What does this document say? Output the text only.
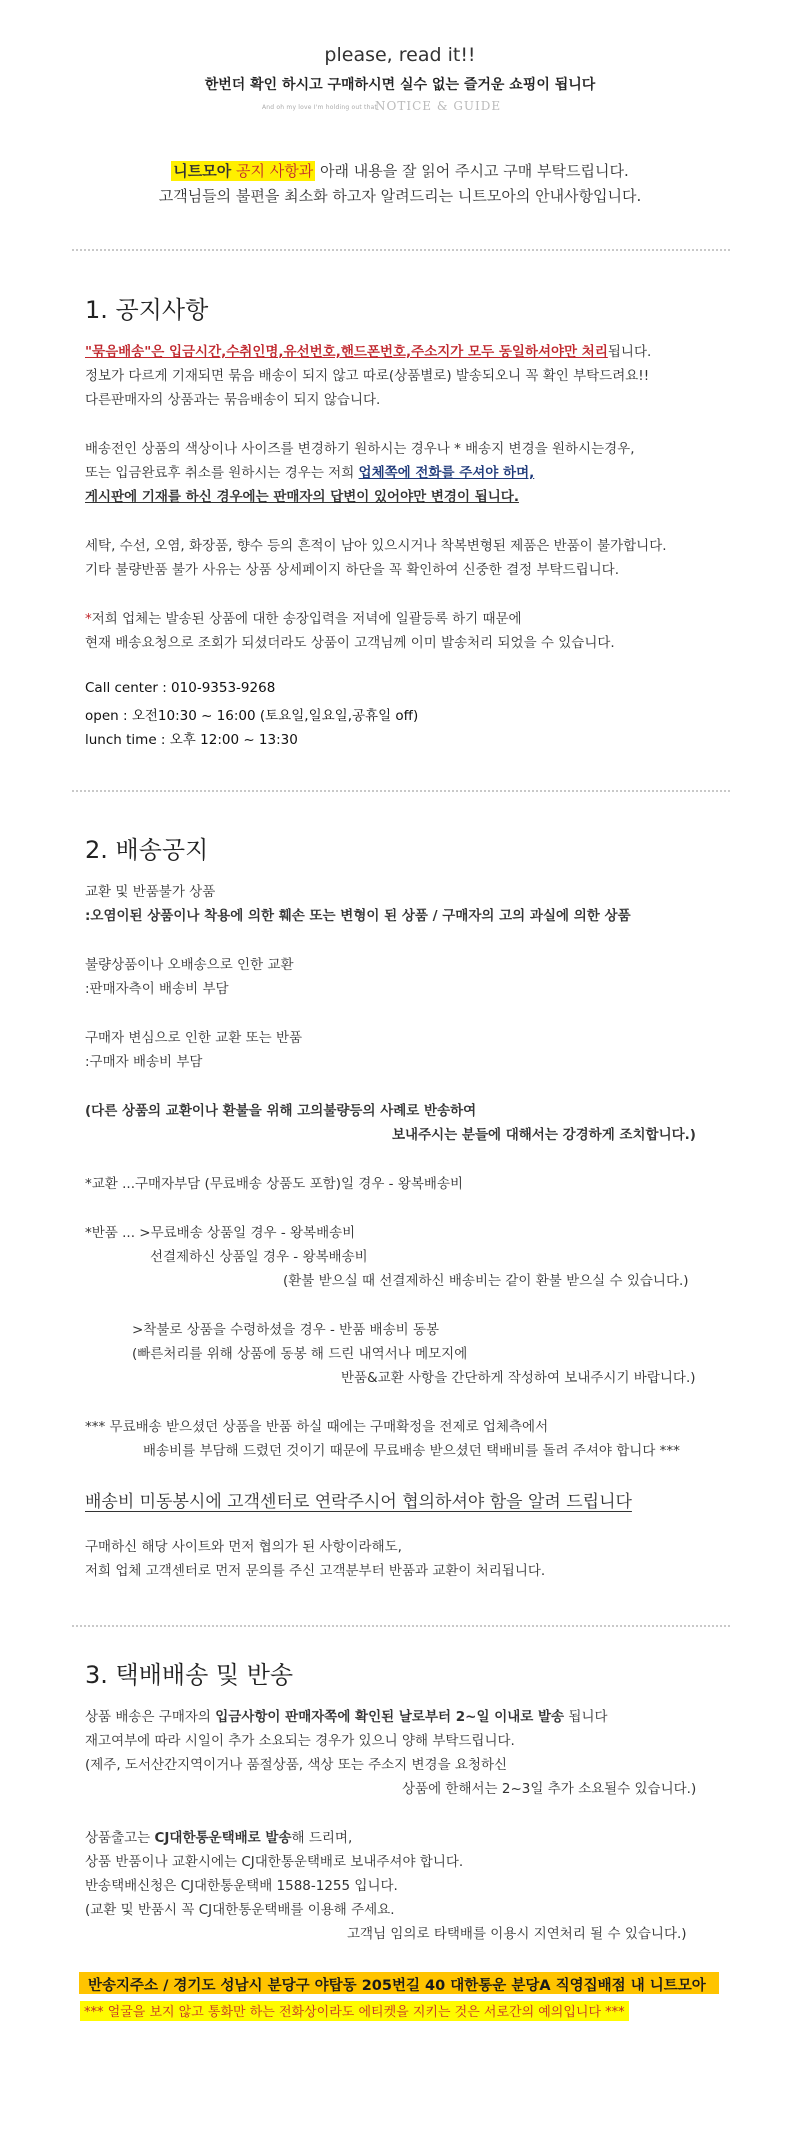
please, read it!!
한번더 확인 하시고 구매하시면 실수 없는 즐거운 쇼핑이 됩니다
And oh my love I'm holding out that
NOTICE & GUIDE
니트모아 공지 사항과 아래 내용을 잘 읽어 주시고 구매 부탁드립니다.
고객님들의 불편을 최소화 하고자 알려드리는 니트모아의 안내사항입니다.
1. 공지사항
"묶음배송"은 입금시간,수취인명,유선번호,핸드폰번호,주소지가 모두 동일하셔야만 처리됩니다.
정보가 다르게 기재되면 묶음 배송이 되지 않고 따로(상품별로) 발송되오니 꼭 확인 부탁드려요!!
다른판매자의 상품과는 묶음배송이 되지 않습니다.
배송전인 상품의 색상이나 사이즈를 변경하기 원하시는 경우나 * 배송지 변경을 원하시는경우,
또는 입금완료후 취소를 원하시는 경우는 저희 업체쪽에 전화를 주셔야 하며,
게시판에 기재를 하신 경우에는 판매자의 답변이 있어야만 변경이 됩니다.
세탁, 수선, 오염, 화장품, 향수 등의 흔적이 남아 있으시거나 착복변형된 제품은 반품이 불가합니다.
기타 불량반품 불가 사유는 상품 상세페이지 하단을 꼭 확인하여 신중한 결정 부탁드립니다.
*저희 업체는 발송된 상품에 대한 송장입력을 저녁에 일괄등록 하기 때문에
현재 배송요청으로 조회가 되셨더라도 상품이 고객님께 이미 발송처리 되었을 수 있습니다.
Call center : 010-9353-9268
open : 오전10:30 ~ 16:00 (토요일,일요일,공휴일 off)
lunch time : 오후 12:00 ~ 13:30
2. 배송공지
교환 및 반품불가 상품
:오염이된 상품이나 착용에 의한 훼손 또는 변형이 된 상품 / 구매자의 고의 과실에 의한 상품
불량상품이나 오배송으로 인한 교환
:판매자측이 배송비 부담
구매자 변심으로 인한 교환 또는 반품
:구매자 배송비 부담
(다른 상품의 교환이나 환불을 위해 고의불량등의 사례로 반송하여
보내주시는 분들에 대해서는 강경하게 조치합니다.)
*교환 ...구매자부담 (무료배송 상품도 포함)일 경우 - 왕복배송비
*반품 ... >무료배송 상품일 경우 - 왕복배송비
선결제하신 상품일 경우 - 왕복배송비
(환불 받으실 때 선결제하신 배송비는 같이 환불 받으실 수 있습니다.)
>착불로 상품을 수령하셨을 경우 - 반품 배송비 동봉
(빠른처리를 위해 상품에 동봉 해 드린 내역서나 메모지에
반품&교환 사항을 간단하게 작성하여 보내주시기 바랍니다.)
*** 무료배송 받으셨던 상품을 반품 하실 때에는 구매확정을 전제로 업체측에서
배송비를 부담해 드렸던 것이기 때문에 무료배송 받으셨던 택배비를 돌려 주셔야 합니다 ***
배송비 미동봉시에 고객센터로 연락주시어 협의하셔야 함을 알려 드립니다
구매하신 해당 사이트와 먼저 협의가 된 사항이라해도,
저희 업체 고객센터로 먼저 문의를 주신 고객분부터 반품과 교환이 처리됩니다.
3. 택배배송 및 반송
상품 배송은 구매자의 입금사항이 판매자쪽에 확인된 날로부터 2~일 이내로 발송 됩니다
재고여부에 따라 시일이 추가 소요되는 경우가 있으니 양해 부탁드립니다.
(제주, 도서산간지역이거나 품절상품, 색상 또는 주소지 변경을 요청하신
상품에 한해서는 2~3일 추가 소요될수 있습니다.)
상품출고는 CJ대한통운택배로 발송해 드리며,
상품 반품이나 교환시에는 CJ대한통운택배로 보내주셔야 합니다.
반송택배신청은 CJ대한통운택배 1588-1255 입니다.
(교환 및 반품시 꼭 CJ대한통운택배를 이용해 주세요.
고객님 임의로 타택배를 이용시 지연처리 될 수 있습니다.)
반송지주소 / 경기도 성남시 분당구 야탑동 205번길 40 대한통운 분당A 직영집배점 내 니트모아
*** 얼굴을 보지 않고 통화만 하는 전화상이라도 에티켓을 지키는 것은 서로간의 예의입니다 ***
